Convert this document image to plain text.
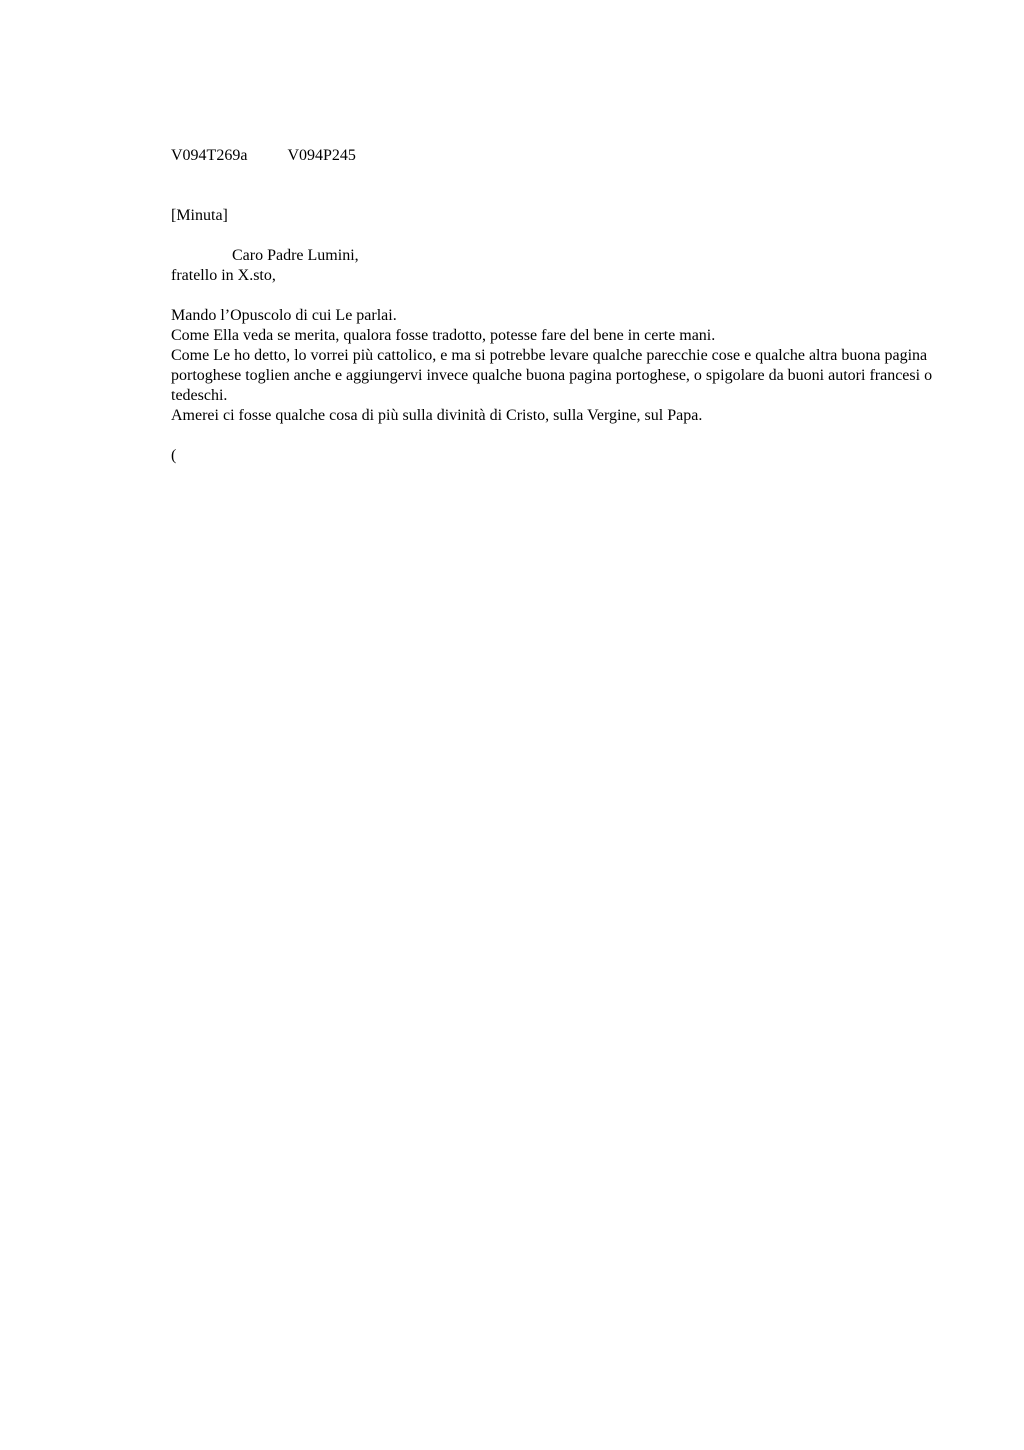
V094T269a	V094P245
[Minuta]
Caro Padre Lumini,
fratello in X.sto,

Mando l’Opuscolo di cui Le parlai.

Come Ella veda se merita, qualora fosse tradotto, potesse fare del bene in certe mani.

Come Le ho detto, lo vorrei più cattolico, e ma si potrebbe levare qualche parecchie cose e qualche altra buona pagina portoghese toglien anche e aggiungervi invece qualche buona pagina portoghese, o spigolare da buoni autori francesi o tedeschi.

Amerei ci fosse qualche cosa di più sulla divinità di Cristo, sulla Vergine, sul Papa.

(
